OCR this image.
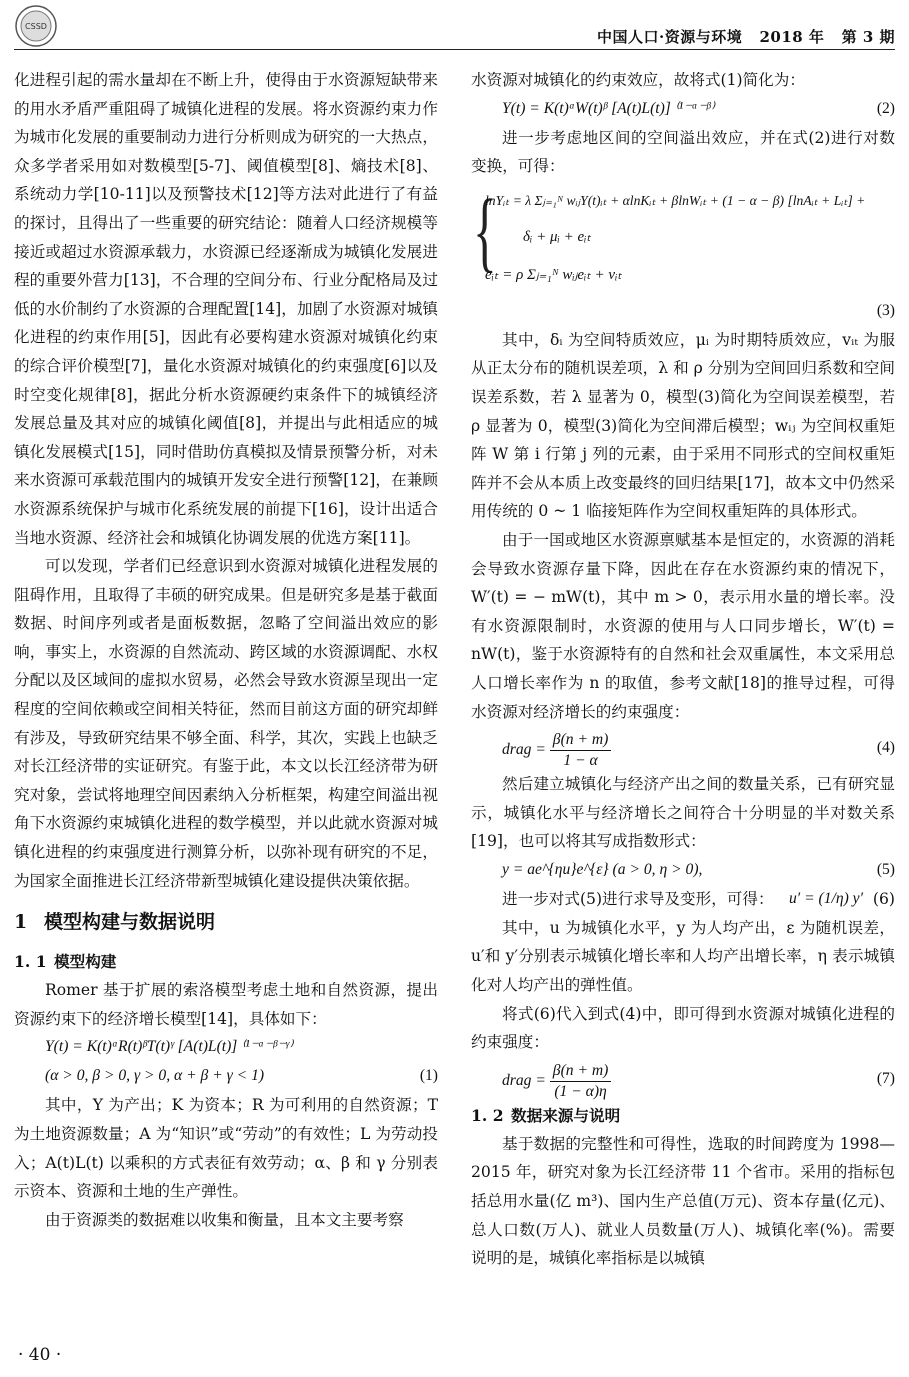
CSSD
中国人口·资源与环境 2018 年 第 3 期
化进程引起的需水量却在不断上升，使得由于水资源短缺带来的用水矛盾严重阻碍了城镇化进程的发展。将水资源约束力作为城市化发展的重要制动力进行分析则成为研究的一大热点，众多学者采用如对数模型[5-7]、阈值模型[8]、熵技术[8]、系统动力学[10-11]以及预警技术[12]等方法对此进行了有益的探讨，且得出了一些重要的研究结论：随着人口经济规模等接近或超过水资源承载力，水资源已经逐渐成为城镇化发展进程的重要外营力[13]，不合理的空间分布、行业分配格局及过低的水价制约了水资源的合理配置[14]，加剧了水资源对城镇化进程的约束作用[5]，因此有必要构建水资源对城镇化约束的综合评价模型[7]，量化水资源对城镇化的约束强度[6]以及时空变化规律[8]，据此分析水资源硬约束条件下的城镇经济发展总量及其对应的城镇化阈值[8]，并提出与此相适应的城镇化发展模式[15]，同时借助仿真模拟及情景预警分析，对未来水资源可承载范围内的城镇开发安全进行预警[12]，在兼顾水资源系统保护与城市化系统发展的前提下[16]，设计出适合当地水资源、经济社会和城镇化协调发展的优选方案[11]。
可以发现，学者们已经意识到水资源对城镇化进程发展的阻碍作用，且取得了丰硕的研究成果。但是研究多是基于截面数据、时间序列或者是面板数据，忽略了空间溢出效应的影响，事实上，水资源的自然流动、跨区域的水资源调配、水权分配以及区域间的虚拟水贸易，必然会导致水资源呈现出一定程度的空间依赖或空间相关特征，然而目前这方面的研究却鲜有涉及，导致研究结果不够全面、科学，其次，实践上也缺乏对长江经济带的实证研究。有鉴于此，本文以长江经济带为研究对象，尝试将地理空间因素纳入分析框架，构建空间溢出视角下水资源约束城镇化进程的数学模型，并以此就水资源对城镇化进程的约束强度进行测算分析，以弥补现有研究的不足，为国家全面推进长江经济带新型城镇化建设提供决策依据。
1 模型构建与数据说明
1. 1 模型构建
Romer 基于扩展的索洛模型考虑土地和自然资源，提出资源约束下的经济增长模型[14]，具体如下：
Y(t) = K(t)ᵅR(t)ᵝT(t)ᵞ [A(t)L(t)] ⁽¹⁻ᵅ⁻ᵝ⁻ᵞ⁾
(α > 0, β > 0, γ > 0, α + β + γ < 1)	(1)
其中，Y 为产出；K 为资本；R 为可利用的自然资源；T 为土地资源数量；A 为“知识”或“劳动”的有效性；L 为劳动投入；A(t)L(t) 以乘积的方式表征有效劳动；α、β 和 γ 分别表示资本、资源和土地的生产弹性。
由于资源类的数据难以收集和衡量，且本文主要考察
水资源对城镇化的约束效应，故将式(1)简化为：
Y(t) = K(t)ᵅW(t)ᵝ [A(t)L(t)] ⁽¹⁻ᵅ⁻ᵝ⁾	(2)
进一步考虑地区间的空间溢出效应，并在式(2)进行对数变换，可得：
{
lnYᵢₜ = λ Σⱼ₌₁ᴺ wᵢⱼY(t)ᵢₜ + αlnKᵢₜ + βlnWᵢₜ + (1 − α − β) [lnAᵢₜ + Lᵢₜ] +
δᵢ + μᵢ + eᵢₜ
eᵢₜ = ρ Σⱼ₌₁ᴺ wᵢⱼeᵢₜ + vᵢₜ
(3)
其中，δᵢ 为空间特质效应，μᵢ 为时期特质效应，vᵢₜ 为服从正太分布的随机误差项，λ 和 ρ 分别为空间回归系数和空间误差系数，若 λ 显著为 0，模型(3)简化为空间误差模型，若 ρ 显著为 0，模型(3)简化为空间滞后模型；wᵢⱼ 为空间权重矩阵 W 第 i 行第 j 列的元素，由于采用不同形式的空间权重矩阵并不会从本质上改变最终的回归结果[17]，故本文中仍然采用传统的 0 ~ 1 临接矩阵作为空间权重矩阵的具体形式。
由于一国或地区水资源禀赋基本是恒定的，水资源的消耗会导致水资源存量下降，因此在存在水资源约束的情况下，W′(t) = − mW(t)，其中 m > 0，表示用水量的增长率。没有水资源限制时，水资源的使用与人口同步增长，W′(t) = nW(t)，鉴于水资源特有的自然和社会双重属性，本文采用总人口增长率作为 n 的取值，参考文献[18]的推导过程，可得水资源对经济增长的约束强度：
drag = $\frac{\beta(n + m)}{1 - \alpha}$	(4)
然后建立城镇化与经济产出之间的数量关系，已有研究显示，城镇化水平与经济增长之间符合十分明显的半对数关系[19]，也可以将其写成指数形式：
y = ae^{ηu}e^{ε} (a > 0, η > 0),	(5)
进一步对式(5)进行求导及变形，可得： u′ = (1/η) y′ (6)
其中，u 为城镇化水平，y 为人均产出，ε 为随机误差，u′和 y′分别表示城镇化增长率和人均产出增长率，η 表示城镇化对人均产出的弹性值。
将式(6)代入到式(4)中，即可得到水资源对城镇化进程的约束强度：
drag = $\frac{\beta(n + m)}{(1 - \alpha)\eta}$	(7)
1. 2 数据来源与说明
基于数据的完整性和可得性，选取的时间跨度为 1998—2015 年，研究对象为长江经济带 11 个省市。采用的指标包括总用水量(亿 m³)、国内生产总值(万元)、资本存量(亿元)、总人口数(万人)、就业人员数量(万人)、城镇化率(%)。需要说明的是，城镇化率指标是以城镇
· 40 ·
